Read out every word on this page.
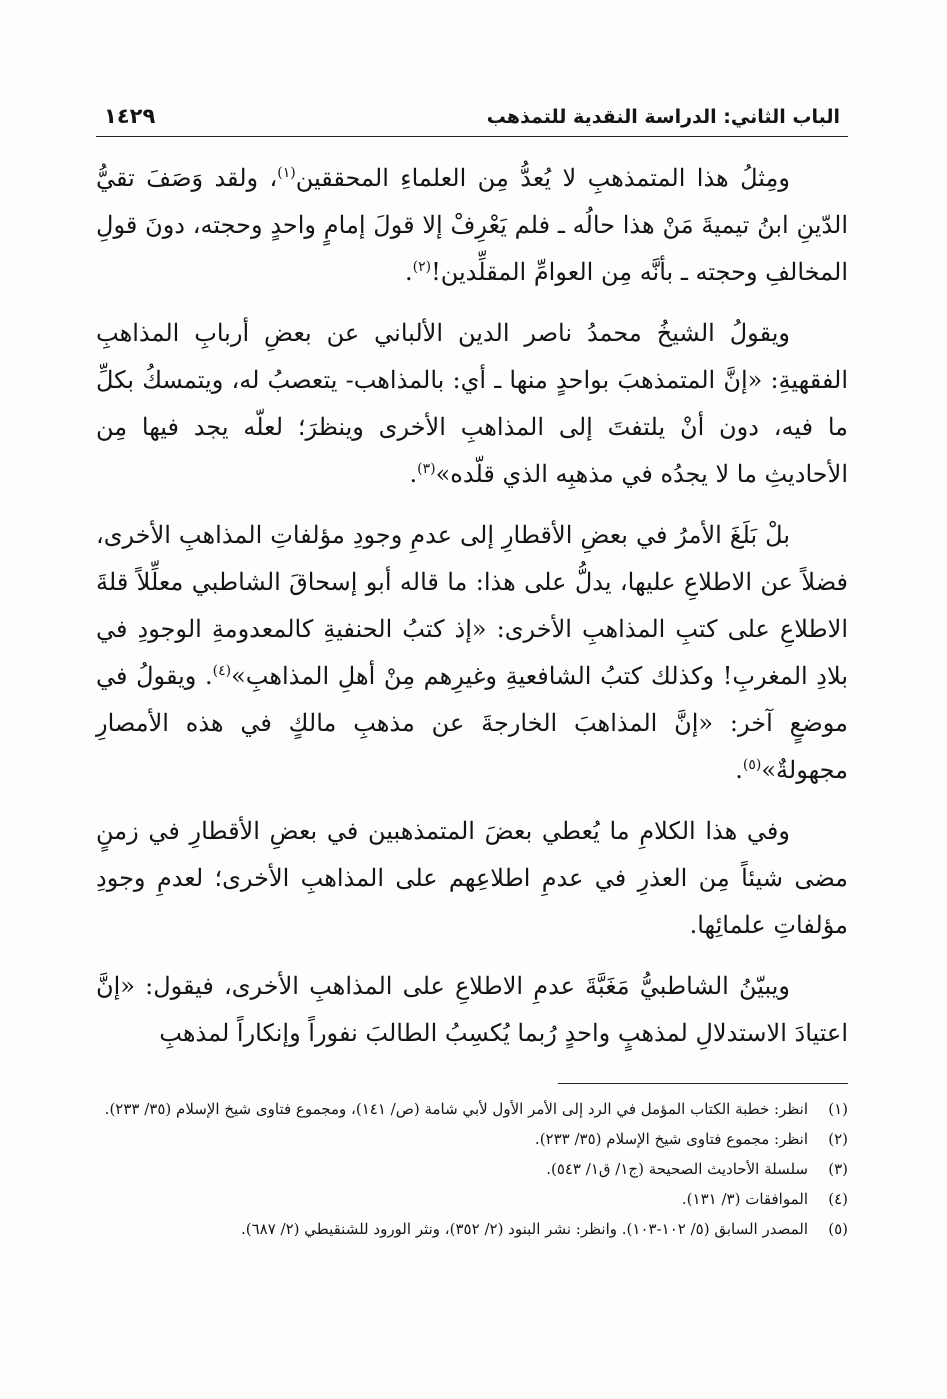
الباب الثاني: الدراسة النقدية للتمذهب
١٤٢٩

ومِثلُ هذا المتمذهبِ لا يُعدُّ مِن العلماءِ المحققين$^{(١)}$، ولقد وَصَفَ تقيُّ الدّينِ ابنُ تيميةَ مَنْ هذا حالُه ـ فلم يَعْرِفْ إلا قولَ إمامٍ واحدٍ وحجته، دونَ قولِ المخالفِ وحجته ـ بأنَّه مِن العوامِّ المقلِّدين!$^{(٢)}$.

ويقولُ الشيخُ محمدُ ناصر الدين الألباني عن بعضِ أربابِ المذاهبِ الفقهيةِ: «إنَّ المتمذهبَ بواحدٍ منها ـ أي: بالمذاهب- يتعصبُ له، ويتمسكُ بكلِّ ما فيه، دون أنْ يلتفتَ إلى المذاهبِ الأخرى وينظرَ؛ لعلّه يجد فيها مِن الأحاديثِ ما لا يجدُه في مذهبِه الذي قلّده»$^{(٣)}$.

بلْ بَلَغَ الأمرُ في بعضِ الأقطارِ إلى عدمِ وجودِ مؤلفاتِ المذاهبِ الأخرى، فضلاً عن الاطلاعِ عليها، يدلُّ على هذا: ما قاله أبو إسحاقَ الشاطبي معلِّلاً قلةَ الاطلاعِ على كتبِ المذاهبِ الأخرى: «إذ كتبُ الحنفيةِ كالمعدومةِ الوجودِ في بلادِ المغربِ! وكذلك كتبُ الشافعيةِ وغيرِهم مِنْ أهلِ المذاهبِ»$^{(٤)}$. ويقولُ في موضعٍ آخر: «إنَّ المذاهبَ الخارجةَ عن مذهبِ مالكٍ في هذه الأمصارِ مجهولةٌ»$^{(٥)}$.

وفي هذا الكلامِ ما يُعطي بعضَ المتمذهبين في بعضِ الأقطارِ في زمنٍ مضى شيئاً مِن العذرِ في عدمِ اطلاعِهم على المذاهبِ الأخرى؛ لعدمِ وجودِ مؤلفاتِ علمائِها.

ويبيّنُ الشاطبيُّ مَغَبَّةَ عدمِ الاطلاعِ على المذاهبِ الأخرى، فيقول: «إنَّ اعتيادَ الاستدلالِ لمذهبٍ واحدٍ رُبما يُكسِبُ الطالبَ نفوراً وإنكاراً لمذهبِ

(١)
انظر: خطبة الكتاب المؤمل في الرد إلى الأمر الأول لأبي شامة (ص/ ١٤١)، ومجموع فتاوى شيخ الإسلام (٣٥/ ٢٣٣).
(٢)
انظر: مجموع فتاوى شيخ الإسلام (٣٥/ ٢٣٣).
(٣)
سلسلة الأحاديث الصحيحة (ج١/ ق١/ ٥٤٣).
(٤)
الموافقات (٣/ ١٣١).
(٥)
المصدر السابق (٥/ ١٠٢-١٠٣). وانظر: نشر البنود (٢/ ٣٥٢)، ونثر الورود للشنقيطي (٢/ ٦٨٧).
